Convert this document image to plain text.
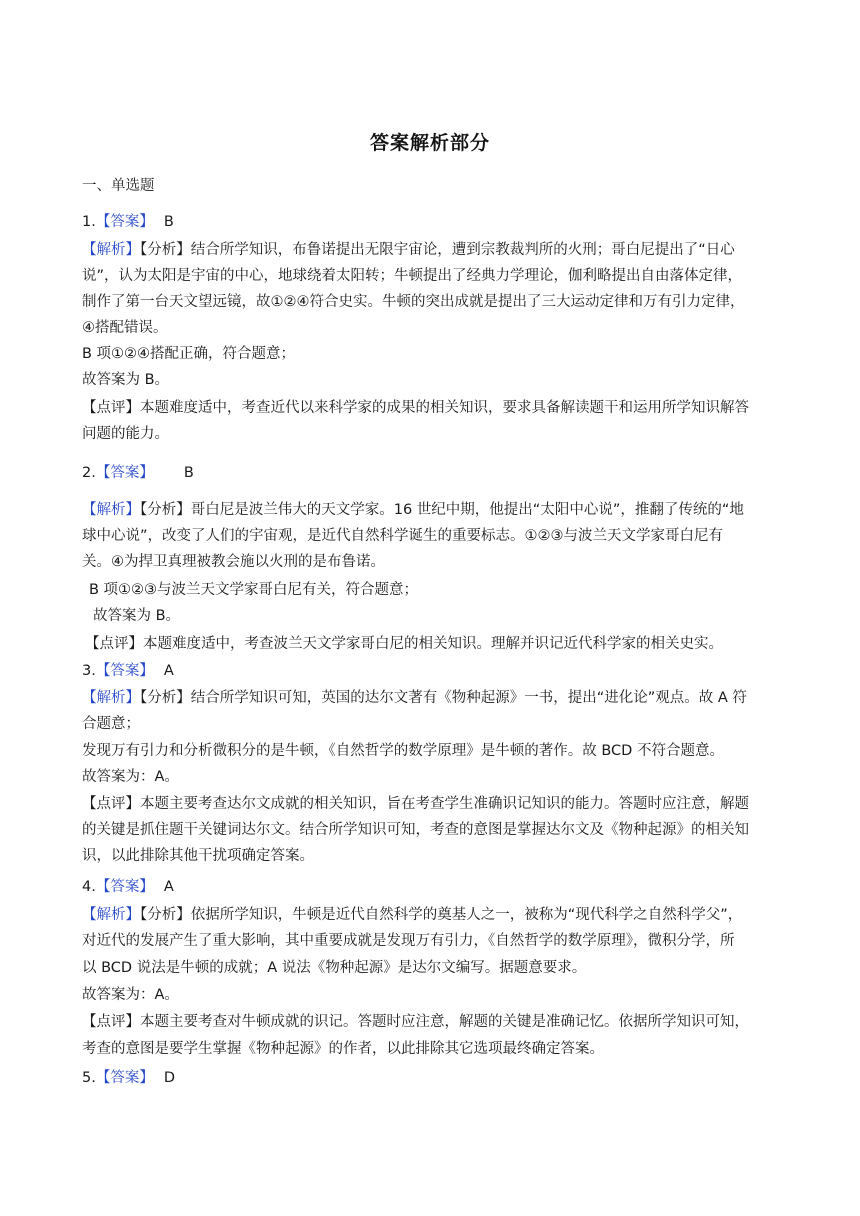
答案解析部分
一、单选题
1.【答案】 B
【解析】【分析】结合所学知识，布鲁诺提出无限宇宙论，遭到宗教裁判所的火刑；哥白尼提出了“日心
说”，认为太阳是宇宙的中心，地球绕着太阳转；牛顿提出了经典力学理论，伽利略提出自由落体定律，
制作了第一台天文望远镜，故①②④符合史实。牛顿的突出成就是提出了三大运动定律和万有引力定律，
④搭配错误。
B 项①②④搭配正确，符合题意；
故答案为 B。
【点评】本题难度适中，考查近代以来科学家的成果的相关知识，要求具备解读题干和运用所学知识解答
问题的能力。
2.【答案】 B
【解析】【分析】哥白尼是波兰伟大的天文学家。16 世纪中期，他提出“太阳中心说”，推翻了传统的“地
球中心说”，改变了人们的宇宙观，是近代自然科学诞生的重要标志。①②③与波兰天文学家哥白尼有
关。④为捍卫真理被教会施以火刑的是布鲁诺。
B 项①②③与波兰天文学家哥白尼有关，符合题意；
故答案为 B。
【点评】本题难度适中，考查波兰天文学家哥白尼的相关知识。理解并识记近代科学家的相关史实。
3.【答案】 A
【解析】【分析】结合所学知识可知，英国的达尔文著有《物种起源》一书，提出“进化论”观点。故 A 符
合题意；
发现万有引力和分析微积分的是牛顿，《自然哲学的数学原理》是牛顿的著作。故 BCD 不符合题意。
故答案为：A。
【点评】本题主要考查达尔文成就的相关知识，旨在考查学生准确识记知识的能力。答题时应注意，解题
的关键是抓住题干关键词达尔文。结合所学知识可知，考查的意图是掌握达尔文及《物种起源》的相关知
识，以此排除其他干扰项确定答案。
4.【答案】 A
【解析】【分析】依据所学知识，牛顿是近代自然科学的奠基人之一，被称为“现代科学之自然科学父”，
对近代的发展产生了重大影响，其中重要成就是发现万有引力，《自然哲学的数学原理》，微积分学，所
以 BCD 说法是牛顿的成就；A 说法《物种起源》是达尔文编写。据题意要求。
故答案为：A。
【点评】本题主要考查对牛顿成就的识记。答题时应注意，解题的关键是准确记忆。依据所学知识可知，
考查的意图是要学生掌握《物种起源》的作者，以此排除其它选项最终确定答案。
5.【答案】 D
